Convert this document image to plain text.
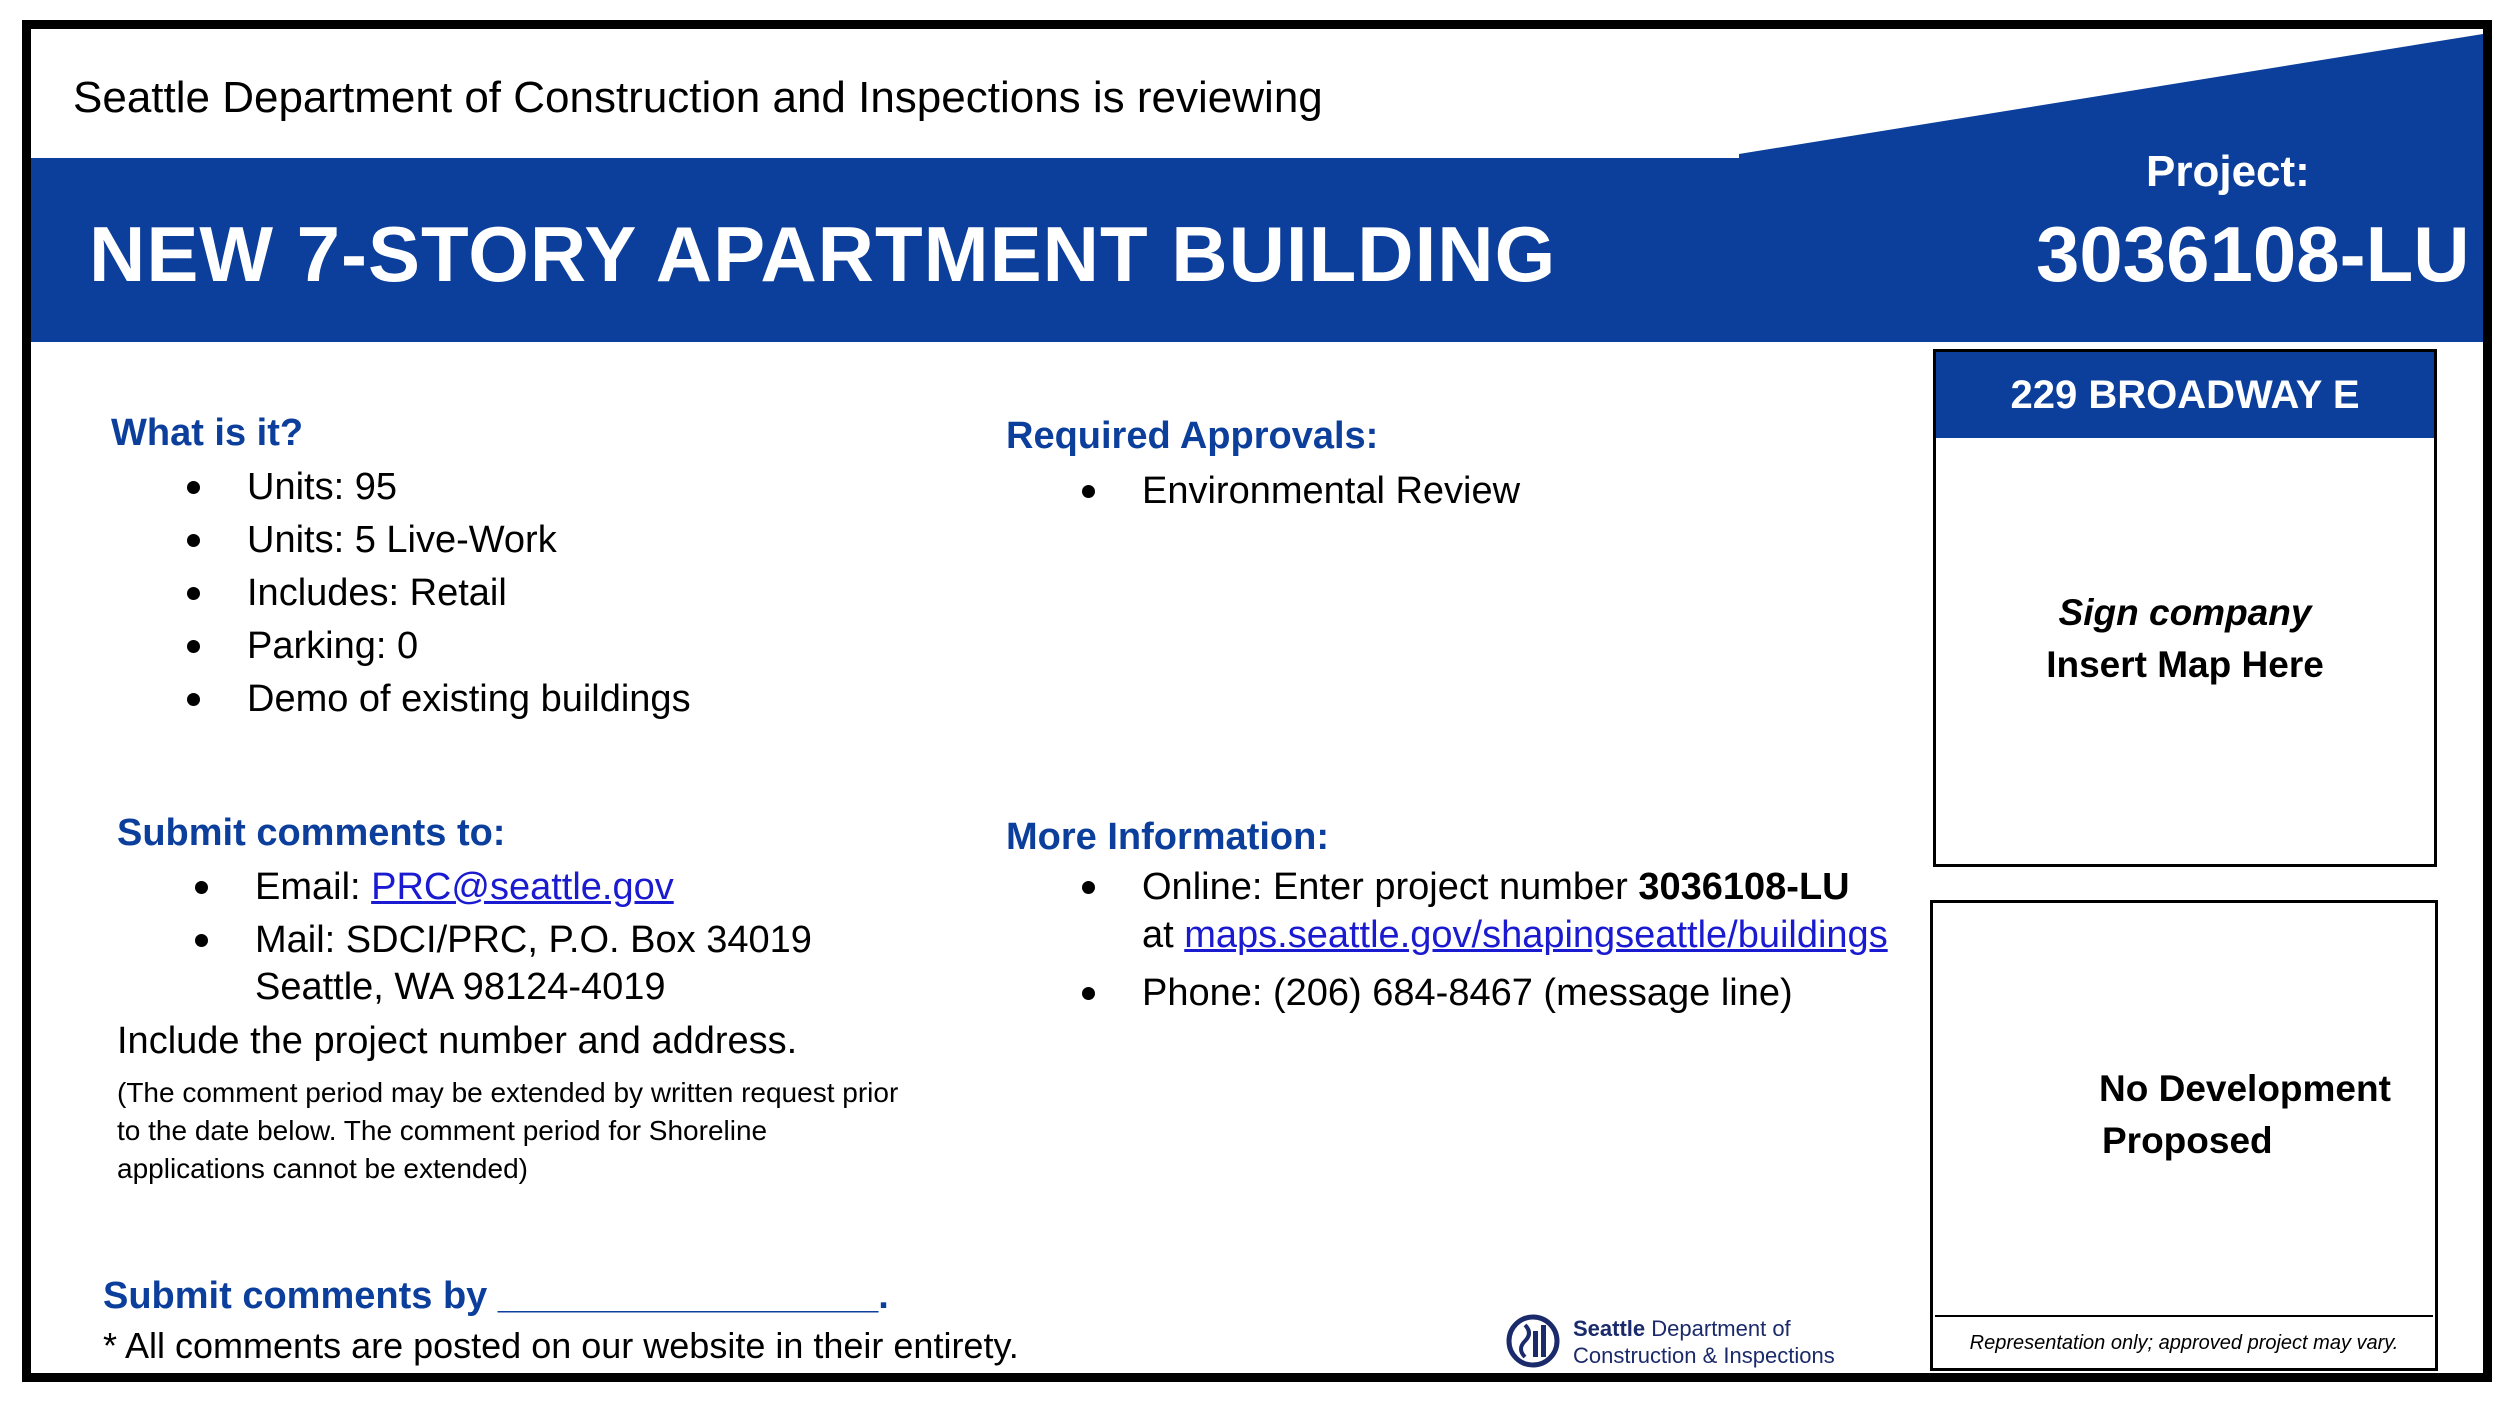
Seattle Department of Construction and Inspections is reviewing
NEW 7-STORY APARTMENT BUILDING
Project:
3036108-LU
What is it?
Units: 95
Units: 5 Live-Work
Includes: Retail
Parking: 0
Demo of existing buildings
Required Approvals:
Environmental Review
Submit comments to:
Email: PRC@seattle.gov
Mail: SDCI/PRC, P.O. Box 34019
Seattle, WA 98124-4019
Include the project number and address.
(The comment period may be extended by written request prior
to the date below. The comment period for Shoreline
applications cannot be extended)
More Information:
Online: Enter project number 3036108-LU
Phone: (206) 684-8467 (message line)
at maps.seattle.gov/shapingseattle/buildings
Submit comments by __________________.
* All comments are posted on our website in their entirety.
229 BROADWAY E
Sign company
Insert Map Here
No Development
Proposed
Representation only; approved project may vary.
Seattle Department of
Construction & Inspections
